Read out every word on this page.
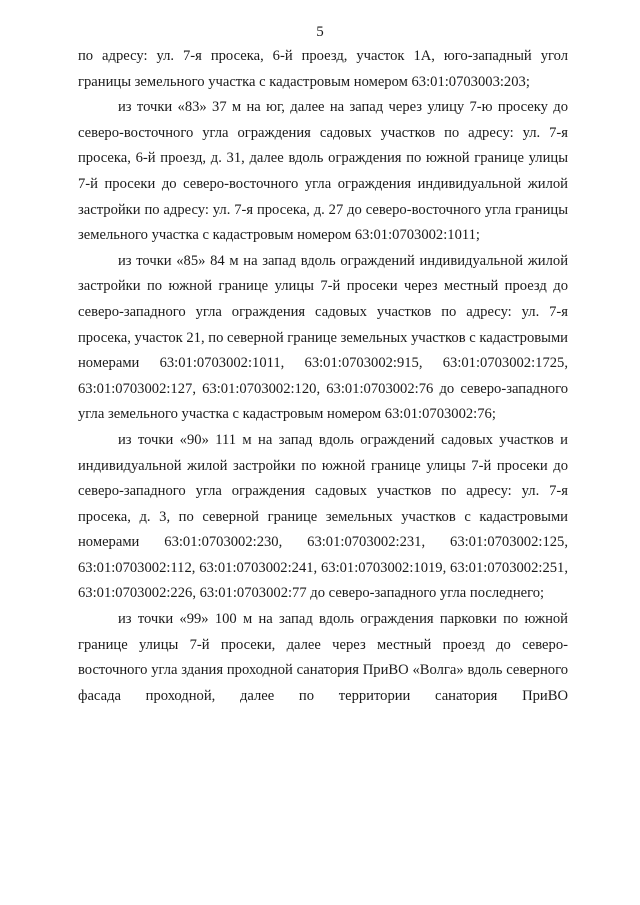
5

по адресу: ул. 7-я просека, 6-й проезд, участок 1А, юго-западный угол границы земельного участка с кадастровым номером 63:01:0703003:203;

из точки «83» 37 м на юг, далее на запад через улицу 7-ю просеку до северо-восточного угла ограждения садовых участков по адресу: ул. 7-я просека, 6-й проезд, д. 31, далее вдоль ограждения по южной границе улицы 7-й просеки до северо-восточного угла ограждения индивидуальной жилой застройки по адресу: ул. 7-я просека, д. 27 до северо-восточного угла границы земельного участка с кадастровым номером 63:01:0703002:1011;

из точки «85» 84 м на запад вдоль ограждений индивидуальной жилой застройки по южной границе улицы 7-й просеки через местный проезд до северо-западного угла ограждения садовых участков по адресу: ул. 7-я просека, участок 21, по северной границе земельных участков с кадастровыми номерами 63:01:0703002:1011, 63:01:0703002:915, 63:01:0703002:1725, 63:01:0703002:127, 63:01:0703002:120, 63:01:0703002:76 до северо-западного угла земельного участка с кадастровым номером 63:01:0703002:76;

из точки «90» 111 м на запад вдоль ограждений садовых участков и индивидуальной жилой застройки по южной границе улицы 7-й просеки до северо-западного угла ограждения садовых участков по адресу: ул. 7-я просека, д. 3, по северной границе земельных участков с кадастровыми номерами 63:01:0703002:230, 63:01:0703002:231, 63:01:0703002:125, 63:01:0703002:112, 63:01:0703002:241, 63:01:0703002:1019, 63:01:0703002:251, 63:01:0703002:226, 63:01:0703002:77 до северо-западного угла последнего;

из точки «99» 100 м на запад вдоль ограждения парковки по южной границе улицы 7-й просеки, далее через местный проезд до северо-восточного угла здания проходной санатория ПриВО «Волга» вдоль северного фасада проходной, далее по территории санатория ПриВО
